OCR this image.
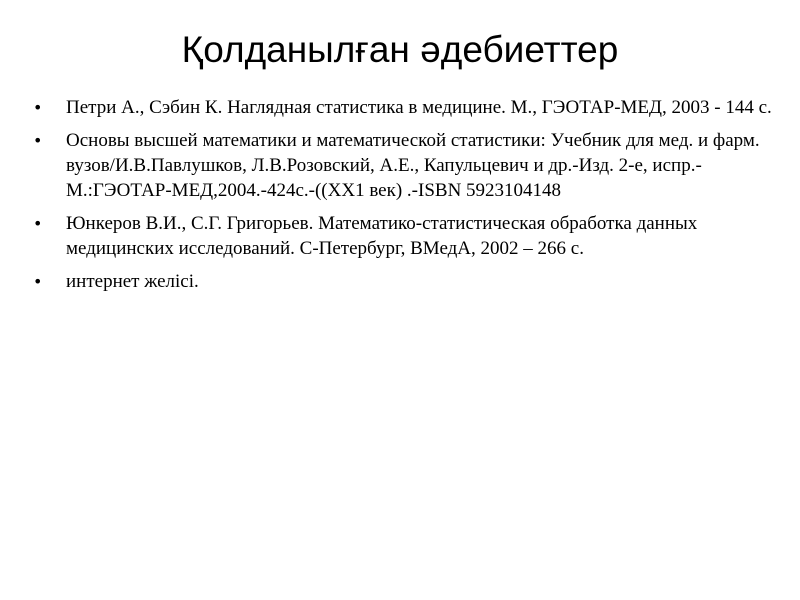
Қолданылған әдебиеттер
•	Петри А., Сэбин К. Наглядная статистика в медицине. М., ГЭОТАР-МЕД, 2003 - 144 с.
•	Основы высшей математики и математической статистики: Учебник для мед. и фарм. вузов/И.В.Павлушков, Л.В.Розовский, А.Е., Капульцевич и др.-Изд. 2-е, испр.-М.:ГЭОТАР-МЕД,2004.-424с.-((XX1 век) .-ISBN 5923104148
•	Юнкеров В.И., С.Г. Григорьев. Математико-статистическая обработка данных медицинских исследований. С-Петербург, ВМедА, 2002 – 266 с.
•	интернет желісі.
